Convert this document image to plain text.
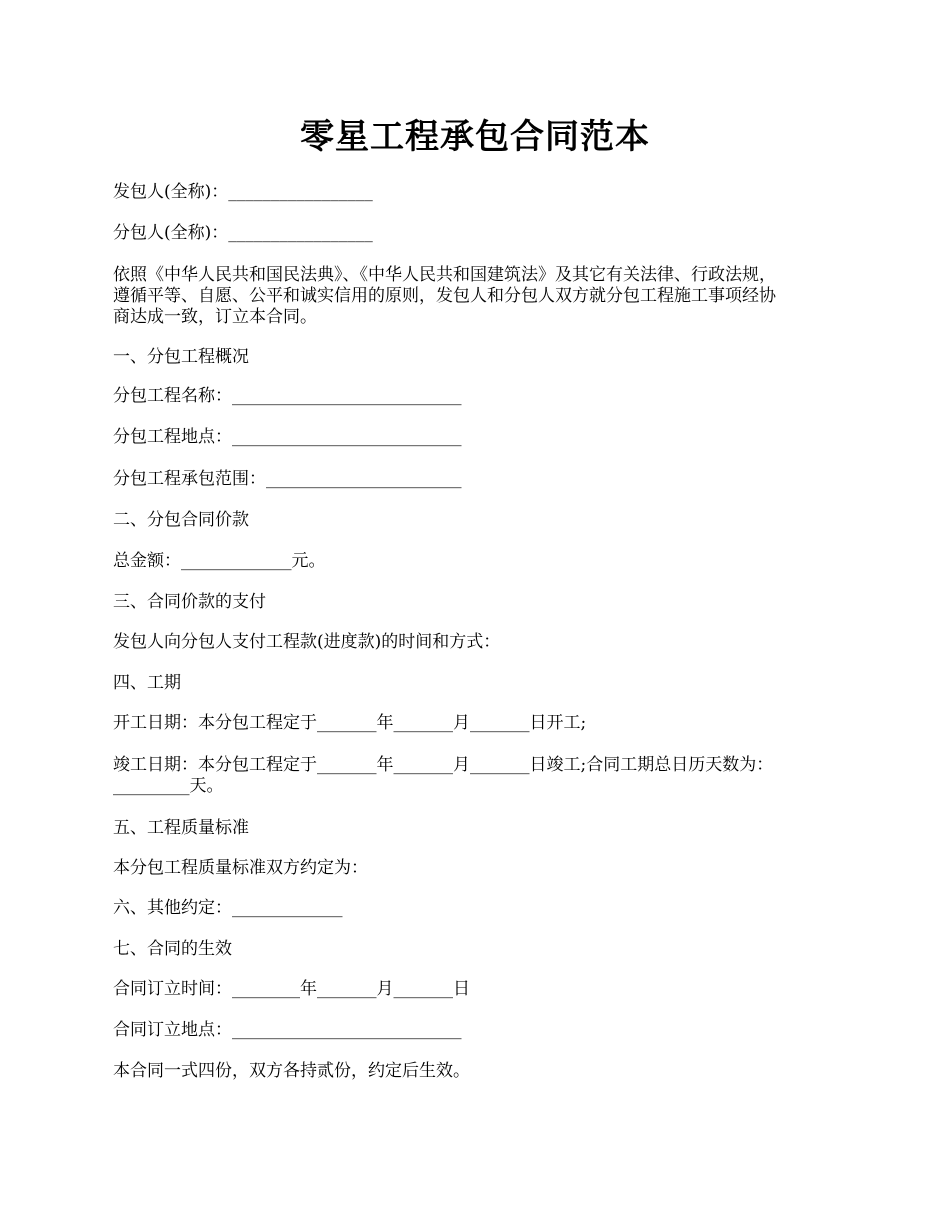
零星工程承包合同范本
发包人(全称)：_________________
分包人(全称)：_________________
依照《中华人民共和国民法典》、《中华人民共和国建筑法》及其它有关法律、行政法规，
遵循平等、自愿、公平和诚实信用的原则，发包人和分包人双方就分包工程施工事项经协
商达成一致，订立本合同。
一、分包工程概况
分包工程名称：___________________________
分包工程地点：___________________________
分包工程承包范围：_______________________
二、分包合同价款
总金额：_____________元。
三、合同价款的支付
发包人向分包人支付工程款(进度款)的时间和方式：
四、工期
开工日期：本分包工程定于_______年_______月_______日开工;
竣工日期：本分包工程定于_______年_______月_______日竣工;合同工期总日历天数为：
_________天。
五、工程质量标准
本分包工程质量标准双方约定为：
六、其他约定：_____________
七、合同的生效
合同订立时间：________年_______月_______日
合同订立地点：___________________________
本合同一式四份，双方各持贰份，约定后生效。
